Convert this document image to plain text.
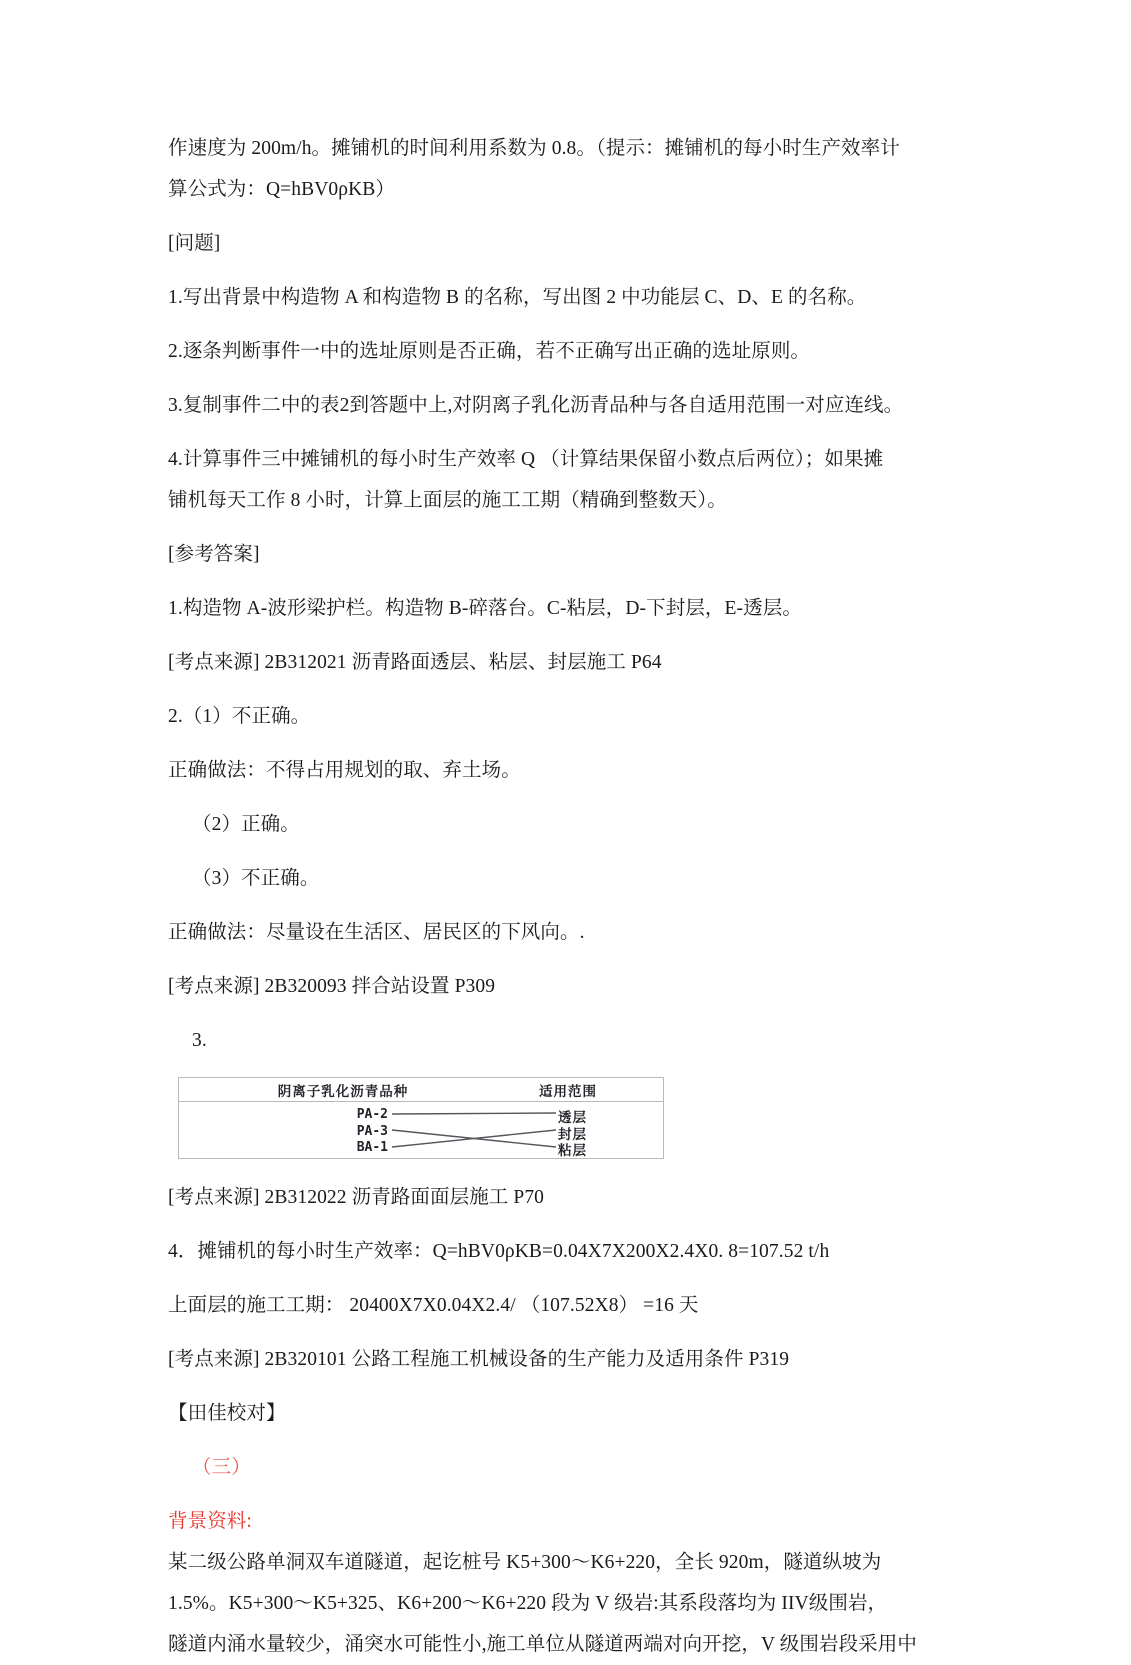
作速度为 200m/h。摊铺机的时间利用系数为 0.8。（提示：摊铺机的每小时生产效率计

算公式为：Q=hBV0ρKB）

[问题]

1.写出背景中构造物 A 和构造物 B 的名称，写出图 2 中功能层 C、D、E 的名称。

2.逐条判断事件一中的选址原则是否正确，若不正确写出正确的选址原则。

3.复制事件二中的表2到答题中上,对阴离子乳化沥青品种与各自适用范围一对应连线。

4.计算事件三中摊铺机的每小时生产效率 Q （计算结果保留小数点后两位）；如果摊

铺机每天工作 8 小时，计算上面层的施工工期（精确到整数天）。

[参考答案]

1.构造物 A-波形梁护栏。构造物 B-碎落台。C-粘层，D-下封层，E-透层。

[考点来源] 2B312021 沥青路面透层、粘层、封层施工 P64

2.（1）不正确。

正确做法：不得占用规划的取、弃土场。

（2）正确。

（3）不正确。

正确做法：尽量设在生活区、居民区的下风向。.

[考点来源] 2B320093 拌合站设置 P309

3.

阴离子乳化沥青品种	适用范围
PA-2
PA-3
BA-1
透层
封层
粘层

[考点来源] 2B312022 沥青路面面层施工 P70

4．摊铺机的每小时生产效率：Q=hBV0ρKB=0.04X7X200X2.4X0. 8=107.52 t/h

上面层的施工工期： 20400X7X0.04X2.4/ （107.52X8） =16 天

[考点来源] 2B320101 公路工程施工机械设备的生产能力及适用条件 P319

【田佳校对】

（三）

背景资料:

某二级公路单洞双车道隧道，起讫桩号 K5+300～K6+220，全长 920m，隧道纵坡为

1.5%。K5+300～K5+325、K6+200～K6+220 段为 V 级岩:其系段落均为 IIV级围岩，

隧道内涌水量较少，涌突水可能性小,施工单位从隧道两端对向开挖，V 级围岩段采用中
